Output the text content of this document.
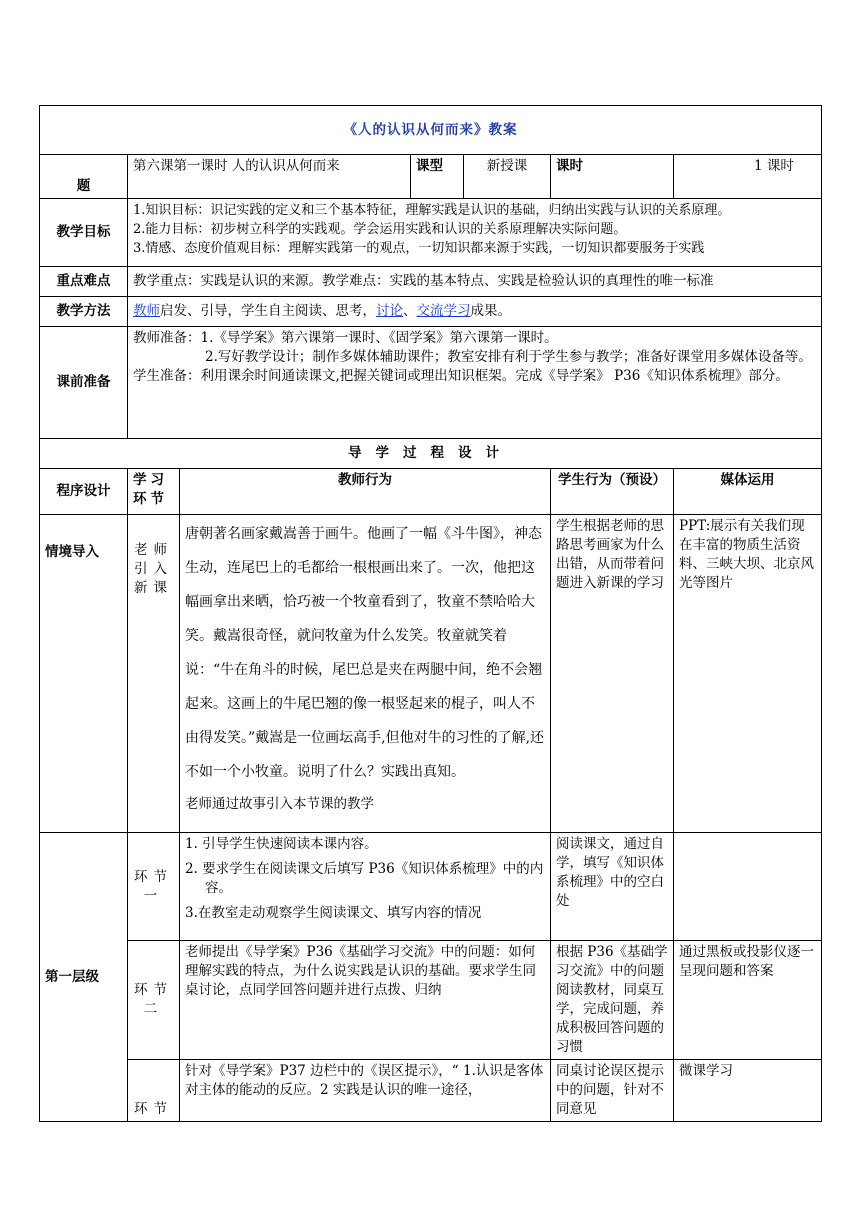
《人的认识从何而来》教案						
题	第六课第一课时 人的认识从何而来		课型	新授课	课时	1 课时
教学目标	1.知识目标：识记实践的定义和三个基本特征，理解实践是认识的基础，归纳出实践与认识的关系原理。
2.能力目标：初步树立科学的实践观。学会运用实践和认识的关系原理解决实际问题。
3.情感、态度价值观目标：理解实践第一的观点，一切知识都来源于实践，一切知识都要服务于实践					

重点难点	教学重点：实践是认识的来源。教学难点：实践的基本特点、实践是检验认识的真理性的唯一标准					
教学方法	教师启发、引导，学生自主阅读、思考，讨论、交流学习成果。					
课前准备	教师准备：1.《导学案》第六课第一课时、《固学案》第六课第一课时。
2.写好教学设计；制作多媒体辅助课件；教室安排有利于学生参与教学；准备好课堂用多媒体设备等。
学生准备：利用课余时间通读课文,把握关键词或理出知识框架。完成《导学案》 P36《知识体系梳理》部分。					

导学过程设计						
程序设计	学习环节	教师行为			学生行为（预设）	媒体运用
情境导入	老师引入新课	唐朝著名画家戴嵩善于画牛。他画了一幅《斗牛图》，神态生动，连尾巴上的毛都给一根根画出来了。一次，他把这幅画拿出来晒，恰巧被一个牧童看到了，牧童不禁哈哈大笑。戴嵩很奇怪，就问牧童为什么发笑。牧童就笑着说：“牛在角斗的时候，尾巴总是夹在两腿中间，绝不会翘起来。这画上的牛尾巴翘的像一根竖起来的棍子，叫人不由得发笑。”戴嵩是一位画坛高手,但他对牛的习性的了解,还不如一个小牧童。说明了什么？实践出真知。
老师通过故事引入本节课的教学			学生根据老师的思路思考画家为什么出错，从而带着问题进入新课的学习	PPT:展示有关我们现在丰富的物质生活资料、三峡大坝、北京风光等图片
第一层级	环节一	1. 引导学生快速阅读本课内容。
2. 要求学生在阅读课文后填写 P36《知识体系梳理》中的内容。
3.在教室走动观察学生阅读课文、填写内容的情况			阅读课文，通过自学，填写《知识体系梳理》中的空白处	
	环节二	老师提出《导学案》P36《基础学习交流》中的问题：如何理解实践的特点，为什么说实践是认识的基础。要求学生同桌讨论，点同学回答问题并进行点拨、归纳			根据 P36《基础学习交流》中的问题阅读教材，同桌互学，完成问题，养成积极回答问题的习惯	通过黑板或投影仪逐一呈现问题和答案
	环节	针对《导学案》P37 边栏中的《误区提示》，“ 1.认识是客体对主体的能动的反应。2 实践是认识的唯一途径，			同桌讨论误区提示中的问题，针对不同意见	微课学习
